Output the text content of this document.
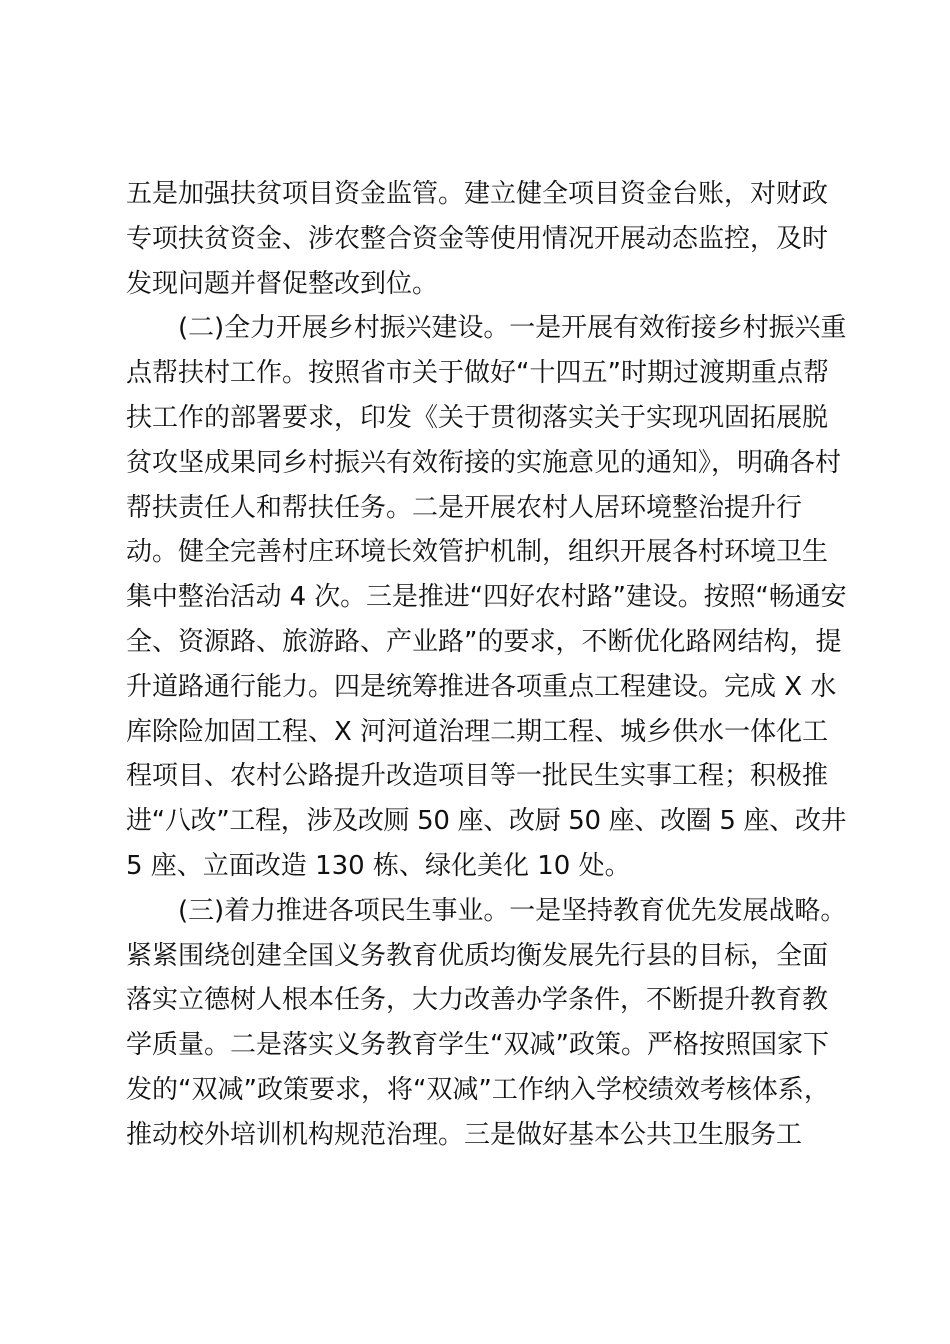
五是加强扶贫项目资金监管。建立健全项目资金台账，对财政
专项扶贫资金、涉农整合资金等使用情况开展动态监控，及时
发现问题并督促整改到位。
(二)全力开展乡村振兴建设。一是开展有效衔接乡村振兴重
点帮扶村工作。按照省市关于做好“十四五”时期过渡期重点帮
扶工作的部署要求，印发《关于贯彻落实关于实现巩固拓展脱
贫攻坚成果同乡村振兴有效衔接的实施意见的通知》，明确各村
帮扶责任人和帮扶任务。二是开展农村人居环境整治提升行
动。健全完善村庄环境长效管护机制，组织开展各村环境卫生
集中整治活动 4 次。三是推进“四好农村路”建设。按照“畅通安
全、资源路、旅游路、产业路”的要求，不断优化路网结构，提
升道路通行能力。四是统筹推进各项重点工程建设。完成 X 水
库除险加固工程、X 河河道治理二期工程、城乡供水一体化工
程项目、农村公路提升改造项目等一批民生实事工程；积极推
进“八改”工程，涉及改厕 50 座、改厨 50 座、改圈 5 座、改井
5 座、立面改造 130 栋、绿化美化 10 处。
(三)着力推进各项民生事业。一是坚持教育优先发展战略。
紧紧围绕创建全国义务教育优质均衡发展先行县的目标，全面
落实立德树人根本任务，大力改善办学条件，不断提升教育教
学质量。二是落实义务教育学生“双减”政策。严格按照国家下
发的“双减”政策要求，将“双减”工作纳入学校绩效考核体系，
推动校外培训机构规范治理。三是做好基本公共卫生服务工
